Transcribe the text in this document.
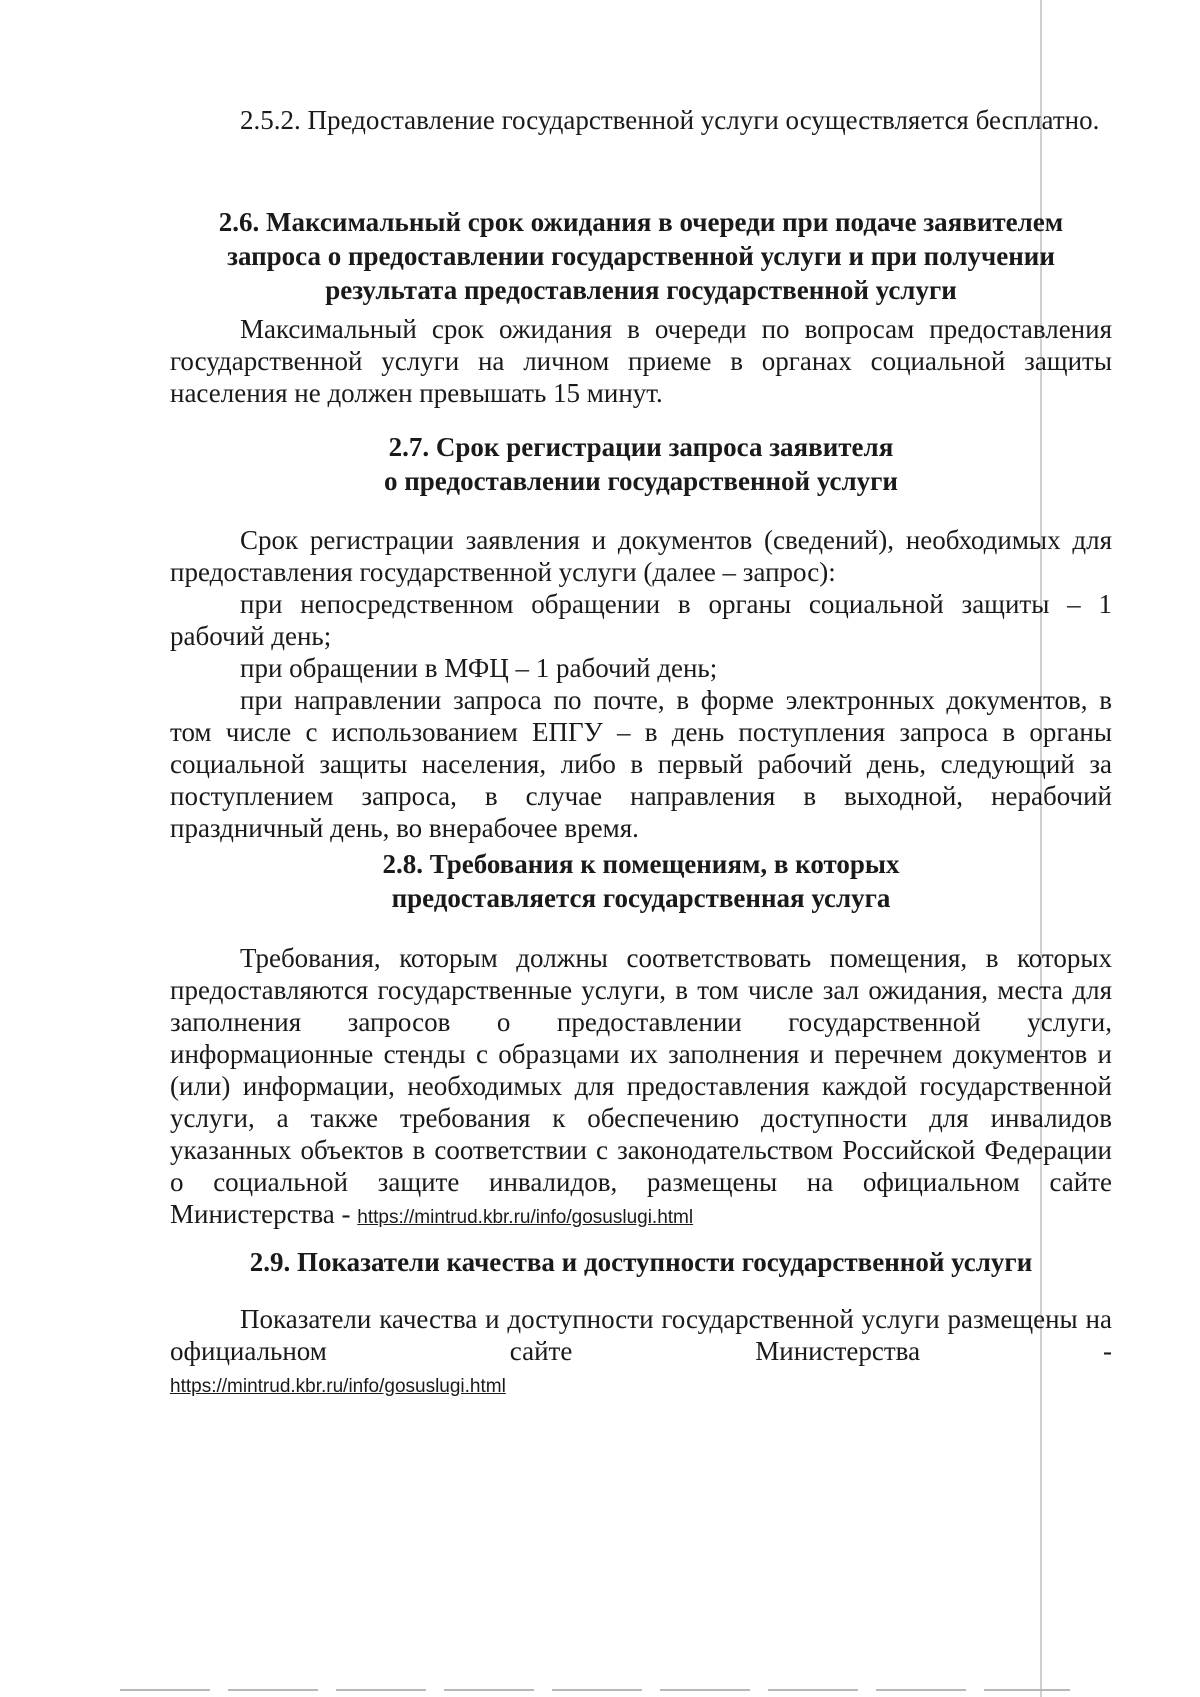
2.5.2. Предоставление государственной услуги осуществляется бесплатно.

2.6. Максимальный срок ожидания в очереди при подаче заявителем
запроса о предоставлении государственной услуги и при получении
результата предоставления государственной услуги

Максимальный срок ожидания в очереди по вопросам предоставления государственной услуги на личном приеме в органах социальной защиты населения не должен превышать 15 минут.

2.7. Срок регистрации запроса заявителя
о предоставлении государственной услуги

Срок регистрации заявления и документов (сведений), необходимых для предоставления государственной услуги (далее – запрос):

при непосредственном обращении в органы социальной защиты – 1 рабочий день;

при обращении в МФЦ – 1 рабочий день;

при направлении запроса по почте, в форме электронных документов, в том числе с использованием ЕПГУ – в день поступления запроса в органы социальной защиты населения, либо в первый рабочий день, следующий за поступлением запроса, в случае направления в выходной, нерабочий праздничный день, во внерабочее время.

2.8. Требования к помещениям, в которых
предоставляется государственная услуга

Требования, которым должны соответствовать помещения, в которых предоставляются государственные услуги, в том числе зал ожидания, места для заполнения запросов о предоставлении государственной услуги, информационные стенды с образцами их заполнения и перечнем документов и (или) информации, необходимых для предоставления каждой государственной услуги, а также требования к обеспечению доступности для инвалидов указанных объектов в соответствии с законодательством Российской Федерации о социальной защите инвалидов, размещены на официальном сайте Министерства - https://mintrud.kbr.ru/info/gosuslugi.html

2.9. Показатели качества и доступности государственной услуги

Показатели качества и доступности государственной услуги размещены на официальном сайте Министерства -

https://mintrud.kbr.ru/info/gosuslugi.html
